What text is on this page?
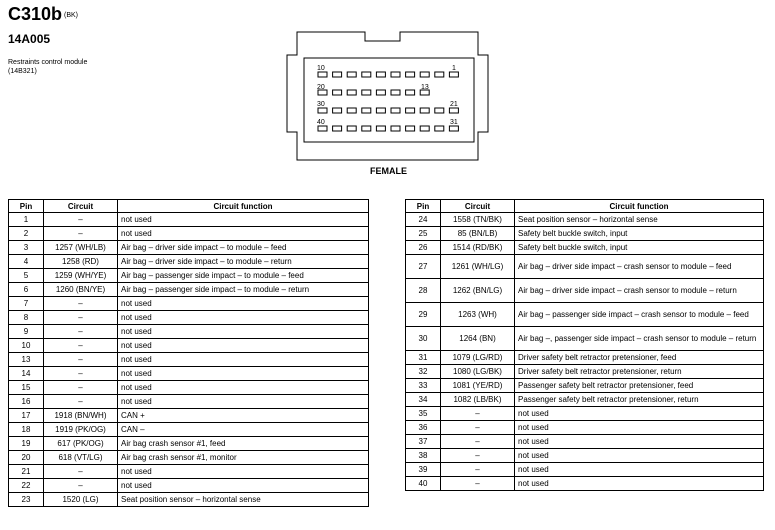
C310b (BK)
14A005
Restraints control module (14B321)	10	1
20	13
30	21
40	31
FEMALE
Pin	Circuit	Circuit function
1	–	not used
2	–	not used
3	1257 (WH/LB)	Air bag – driver side impact – to module – feed
4	1258 (RD)	Air bag – driver side impact – to module – return
5	1259 (WH/YE)	Air bag – passenger side impact – to module – feed
6	1260 (BN/YE)	Air bag – passenger side impact – to module – return
7	–	not used
8	–	not used
9	–	not used
10	–	not used
13	–	not used
14	–	not used
15	–	not used
16	–	not used
17	1918 (BN/WH)	CAN +
18	1919 (PK/OG)	CAN –
19	617 (PK/OG)	Air bag crash sensor #1, feed
20	618 (VT/LG)	Air bag crash sensor #1, monitor
21	–	not used
22	–	not used
23	1520 (LG)	Seat position sensor – horizontal sense
Pin	Circuit	Circuit function
24	1558 (TN/BK)	Seat position sensor – horizontal sense
25	85 (BN/LB)	Safety belt buckle switch, input
26	1514 (RD/BK)	Safety belt buckle switch, input
27	1261 (WH/LG)	Air bag – driver side impact – crash sensor to module – feed
28	1262 (BN/LG)	Air bag – driver side impact – crash sensor to module – return
29	1263 (WH)	Air bag – passenger side impact – crash sensor to module – feed
30	1264 (BN)	Air bag –, passenger side impact – crash sensor to module – return
31	1079 (LG/RD)	Driver safety belt retractor pretensioner, feed
32	1080 (LG/BK)	Driver safety belt retractor pretensioner, return
33	1081 (YE/RD)	Passenger safety belt retractor pretensioner, feed
34	1082 (LB/BK)	Passenger safety belt retractor pretensioner, return
35	–	not used
36	–	not used
37	–	not used
38	–	not used
39	–	not used
40	–	not used
